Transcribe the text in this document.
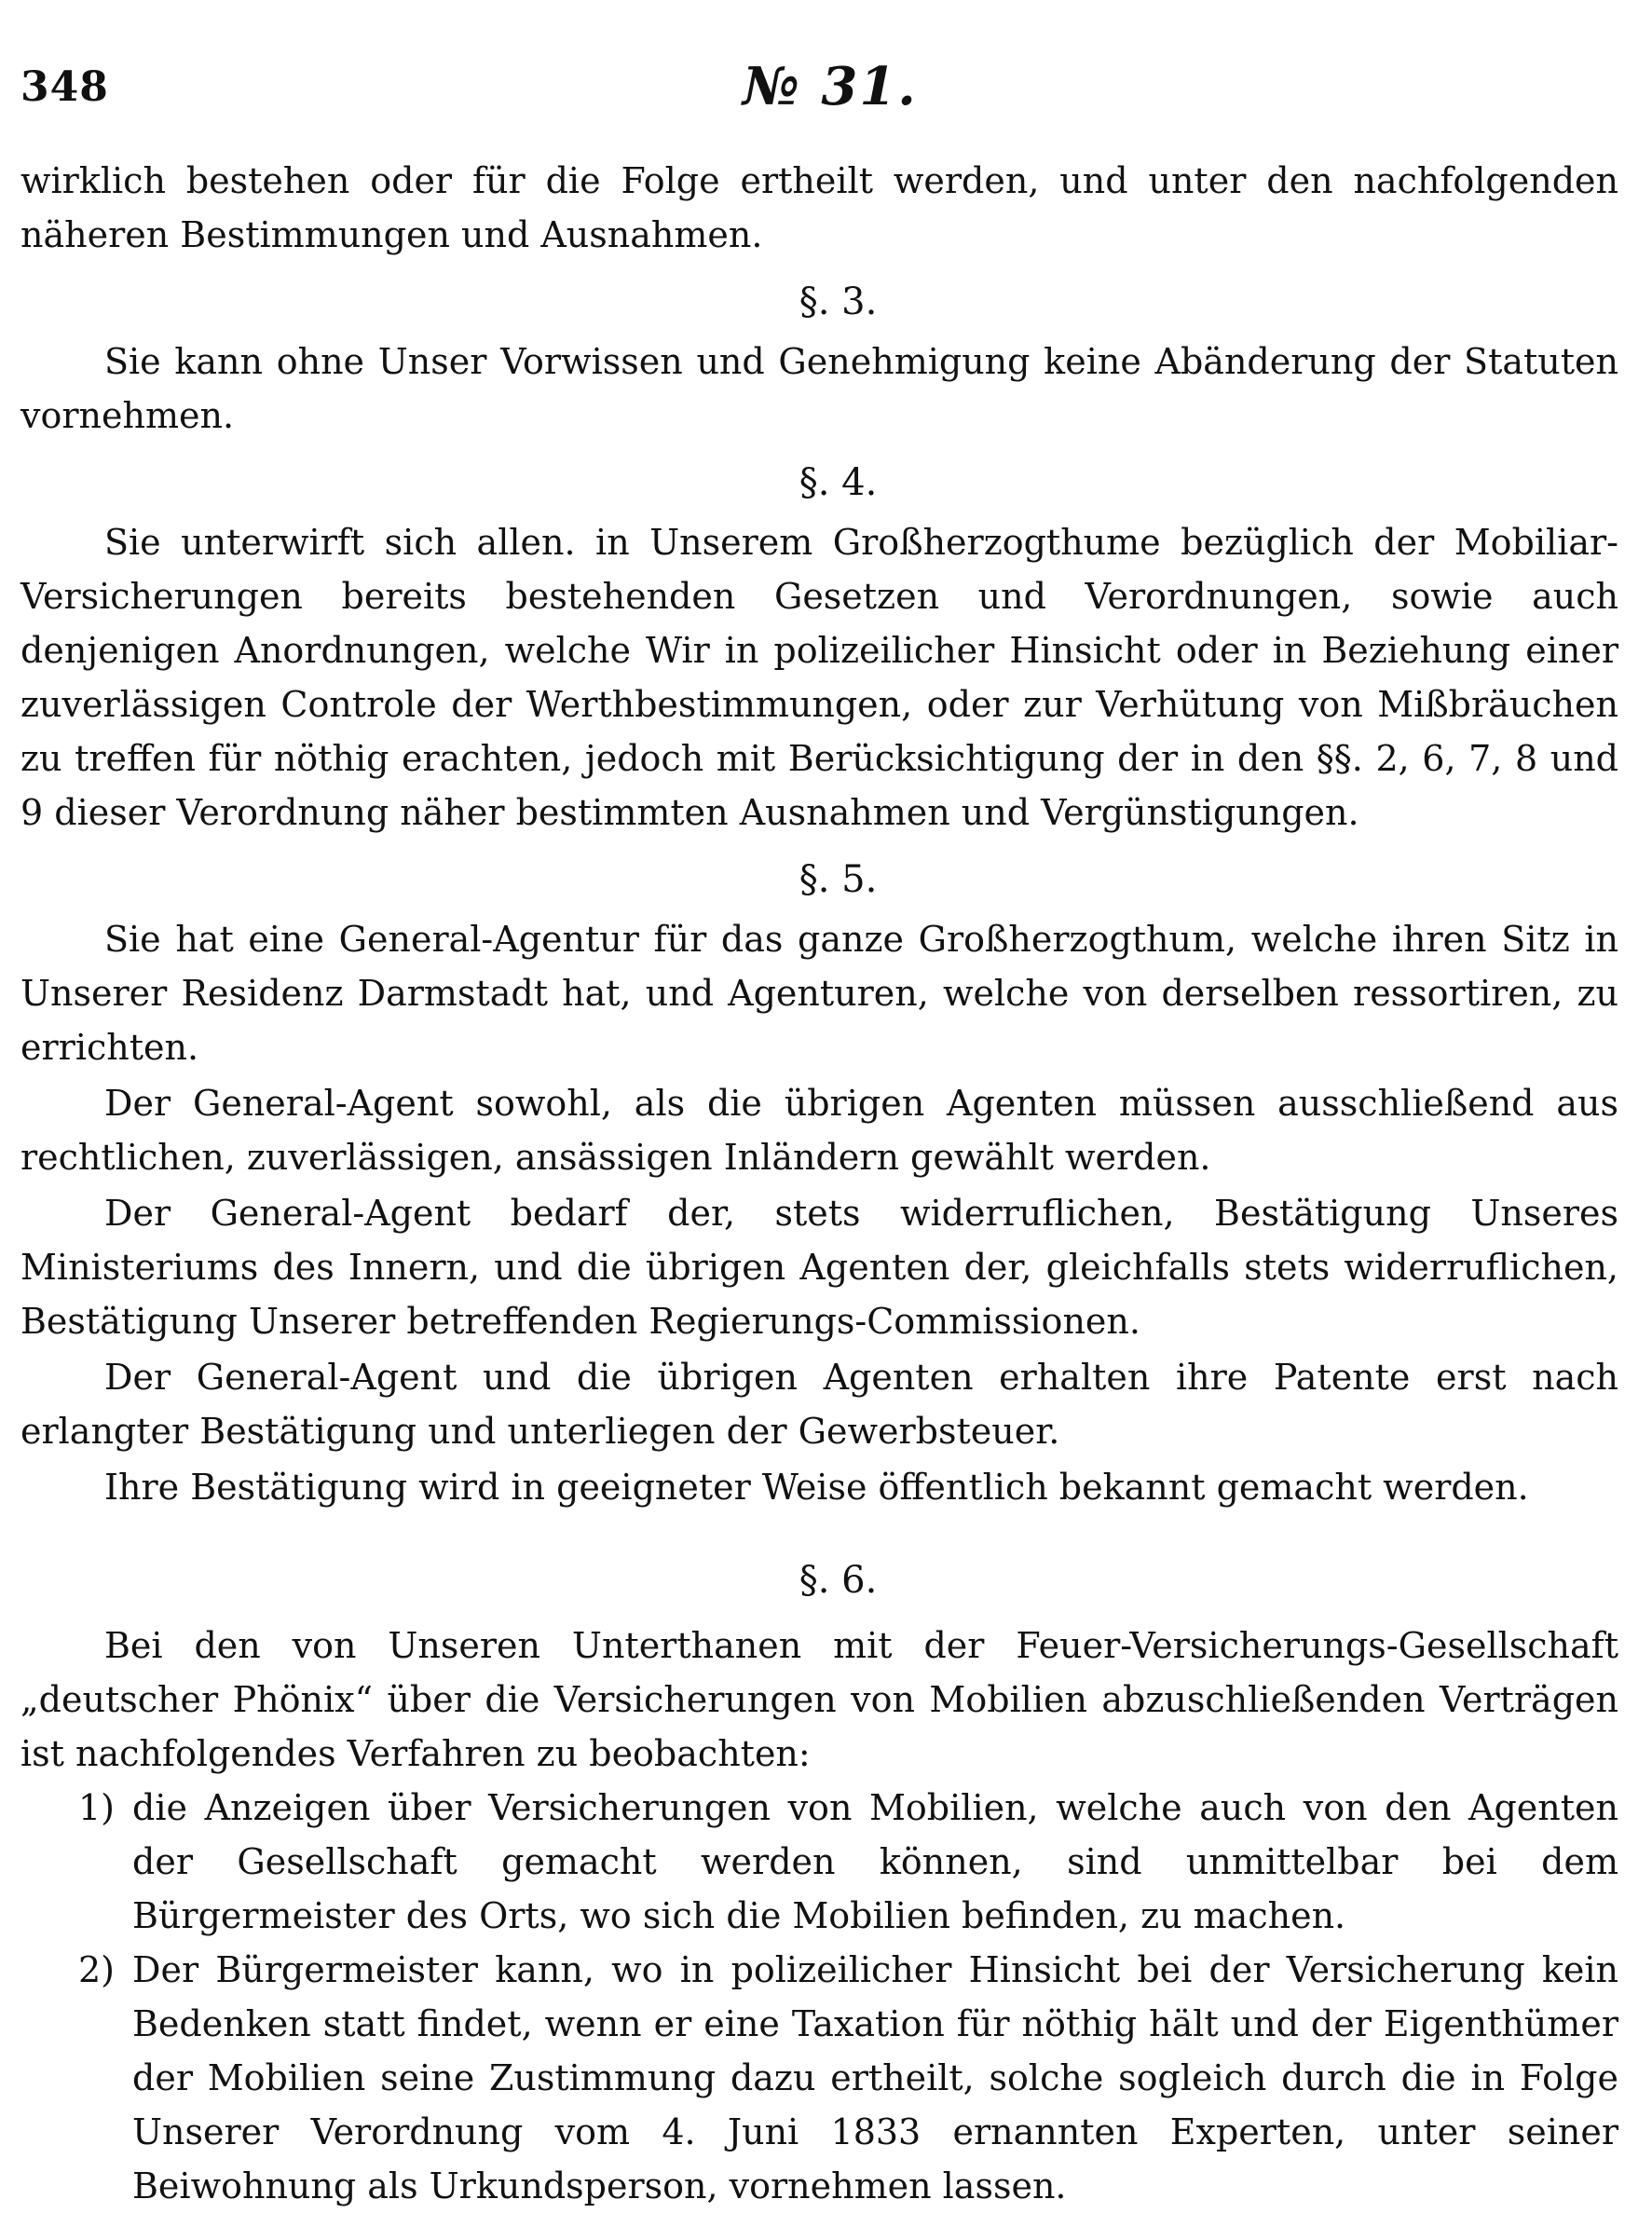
348	№ 31.

wirklich bestehen oder für die Folge ertheilt werden, und unter den nachfolgenden näheren Bestimmungen und Ausnahmen.

§. 3.

Sie kann ohne Unser Vorwissen und Genehmigung keine Abänderung der Statuten vornehmen.

§. 4.

Sie unterwirft sich allen. in Unserem Großherzogthume bezüglich der Mobiliar-Versicherungen bereits bestehenden Gesetzen und Verordnungen, sowie auch denjenigen Anordnungen, welche Wir in polizeilicher Hinsicht oder in Beziehung einer zuverlässigen Controle der Werthbestimmungen, oder zur Verhütung von Mißbräuchen zu treffen für nöthig erachten, jedoch mit Berücksichtigung der in den §§. 2, 6, 7, 8 und 9 dieser Verordnung näher bestimmten Ausnahmen und Vergünstigungen.

§. 5.

Sie hat eine General-Agentur für das ganze Großherzogthum, welche ihren Sitz in Unserer Residenz Darmstadt hat, und Agenturen, welche von derselben ressortiren, zu errichten.

Der General-Agent sowohl, als die übrigen Agenten müssen ausschließend aus rechtlichen, zuverlässigen, ansässigen Inländern gewählt werden.

Der General-Agent bedarf der, stets widerruflichen, Bestätigung Unseres Ministeriums des Innern, und die übrigen Agenten der, gleichfalls stets widerruflichen, Bestätigung Unserer betreffenden Regierungs-Commissionen.

Der General-Agent und die übrigen Agenten erhalten ihre Patente erst nach erlangter Bestätigung und unterliegen der Gewerbsteuer.

Ihre Bestätigung wird in geeigneter Weise öffentlich bekannt gemacht werden.

§. 6.

Bei den von Unseren Unterthanen mit der Feuer-Versicherungs-Gesellschaft „deutscher Phönix“ über die Versicherungen von Mobilien abzuschließenden Verträgen ist nachfolgendes Verfahren zu beobachten:

1) die Anzeigen über Versicherungen von Mobilien, welche auch von den Agenten der Gesellschaft gemacht werden können, sind unmittelbar bei dem Bürgermeister des Orts, wo sich die Mobilien befinden, zu machen.
2) Der Bürgermeister kann, wo in polizeilicher Hinsicht bei der Versicherung kein Bedenken statt findet, wenn er eine Taxation für nöthig hält und der Eigenthümer der Mobilien seine Zustimmung dazu ertheilt, solche sogleich durch die in Folge Unserer Verordnung vom 4. Juni 1833 ernannten Experten, unter seiner Beiwohnung als Urkundsperson, vornehmen lassen.
